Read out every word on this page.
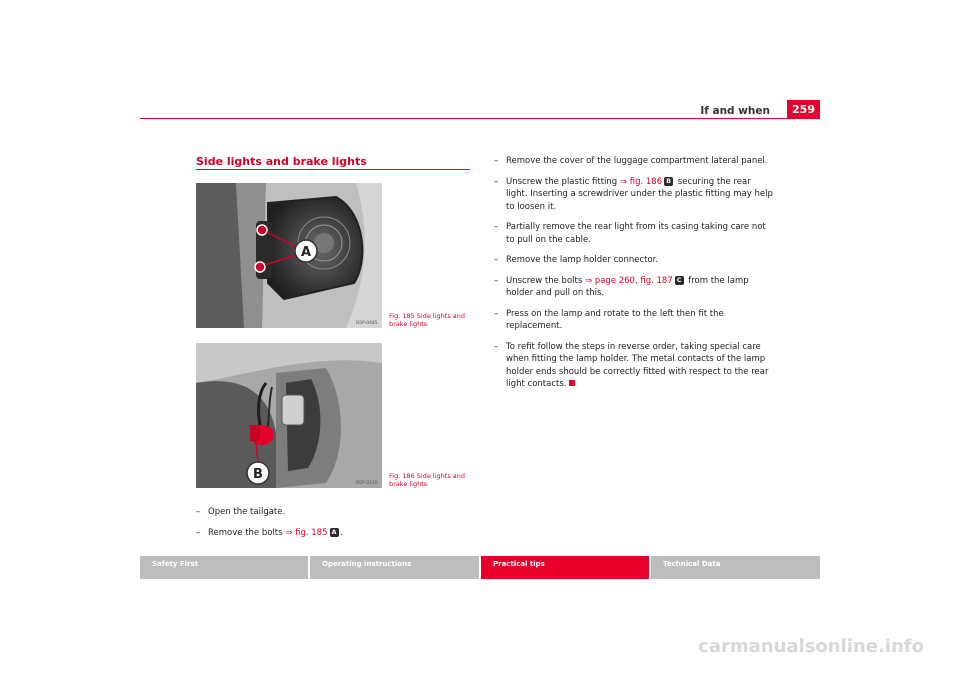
If and when	259
Side lights and brake lights
A
B5P-0485
Fig. 185 Side lights and brake lights
B
B5P-0140
Fig. 186 Side lights and brake lights
– Open the tailgate.
– Remove the bolts ⇒ fig. 185 A .
– Remove the cover of the luggage compartment lateral panel.
– Unscrew the plastic fitting ⇒ fig. 186 B securing the rear light. Inserting a screwdriver under the plastic fitting may help to loosen it.
– Partially remove the rear light from its casing taking care not to pull on the cable.
– Remove the lamp holder connector.
– Unscrew the bolts ⇒ page 260, fig. 187 C from the lamp holder and pull on this.
– Press on the lamp and rotate to the left then fit the replacement.
– To refit follow the steps in reverse order, taking special care when fitting the lamp holder. The metal contacts of the lamp holder ends should be correctly fitted with respect to the rear light contacts.
Safety First	Operating instructions	Practical tips	Technical Data
carmanualsonline.info
